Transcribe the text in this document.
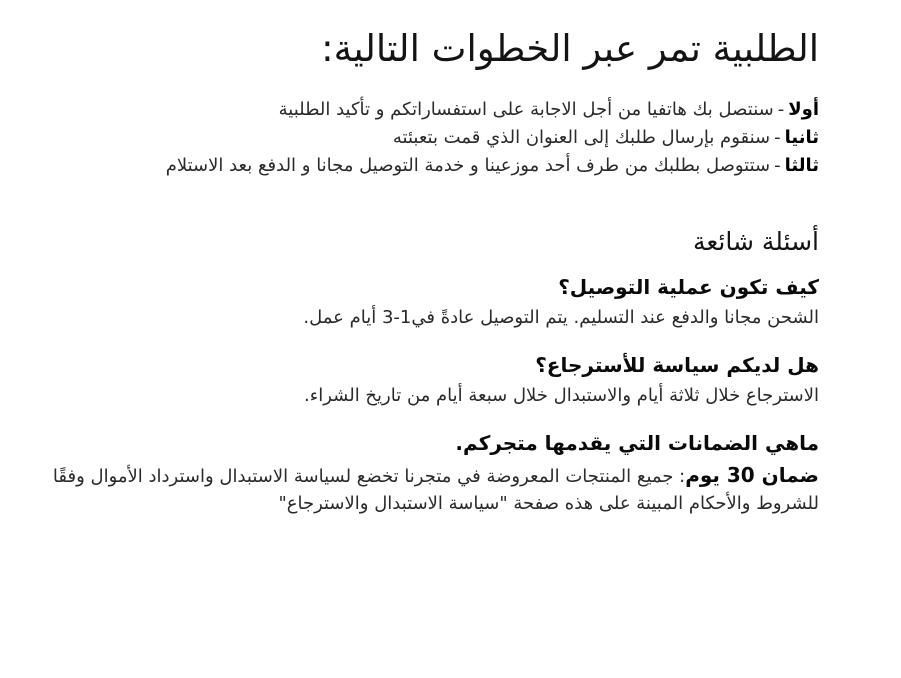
الطلبية تمر عبر الخطوات التالية:
أولا-سنتصل بك هاتفيا من أجل الاجابة على استفساراتكم و تأكيد الطلبية
ثانيا-سنقوم بإرسال طلبك إلى العنوان الذي قمت بتعبئته
ثالثا-ستتوصل بطلبك من طرف أحد موزعينا و خدمة التوصيل مجانا و الدفع بعد الاستلام
أسئلة شائعة

كيف تكون عملية التوصيل؟

الشحن مجانا والدفع عند التسليم. يتم التوصيل عادةً في1-3 أيام عمل.

هل لديكم سياسة للأسترجاع؟

الاسترجاع خلال ثلاثة أيام والاستبدال خلال سبعة أيام من تاريخ الشراء.

ماهي الضمانات التي يقدمها متجركم.

ضمان 30 يوم: جميع المنتجات المعروضة في متجرنا تخضع لسياسة الاستبدال واسترداد الأموال وفقًا للشروط والأحكام المبينة على هذه صفحة "سياسة الاستبدال والاسترجاع"
